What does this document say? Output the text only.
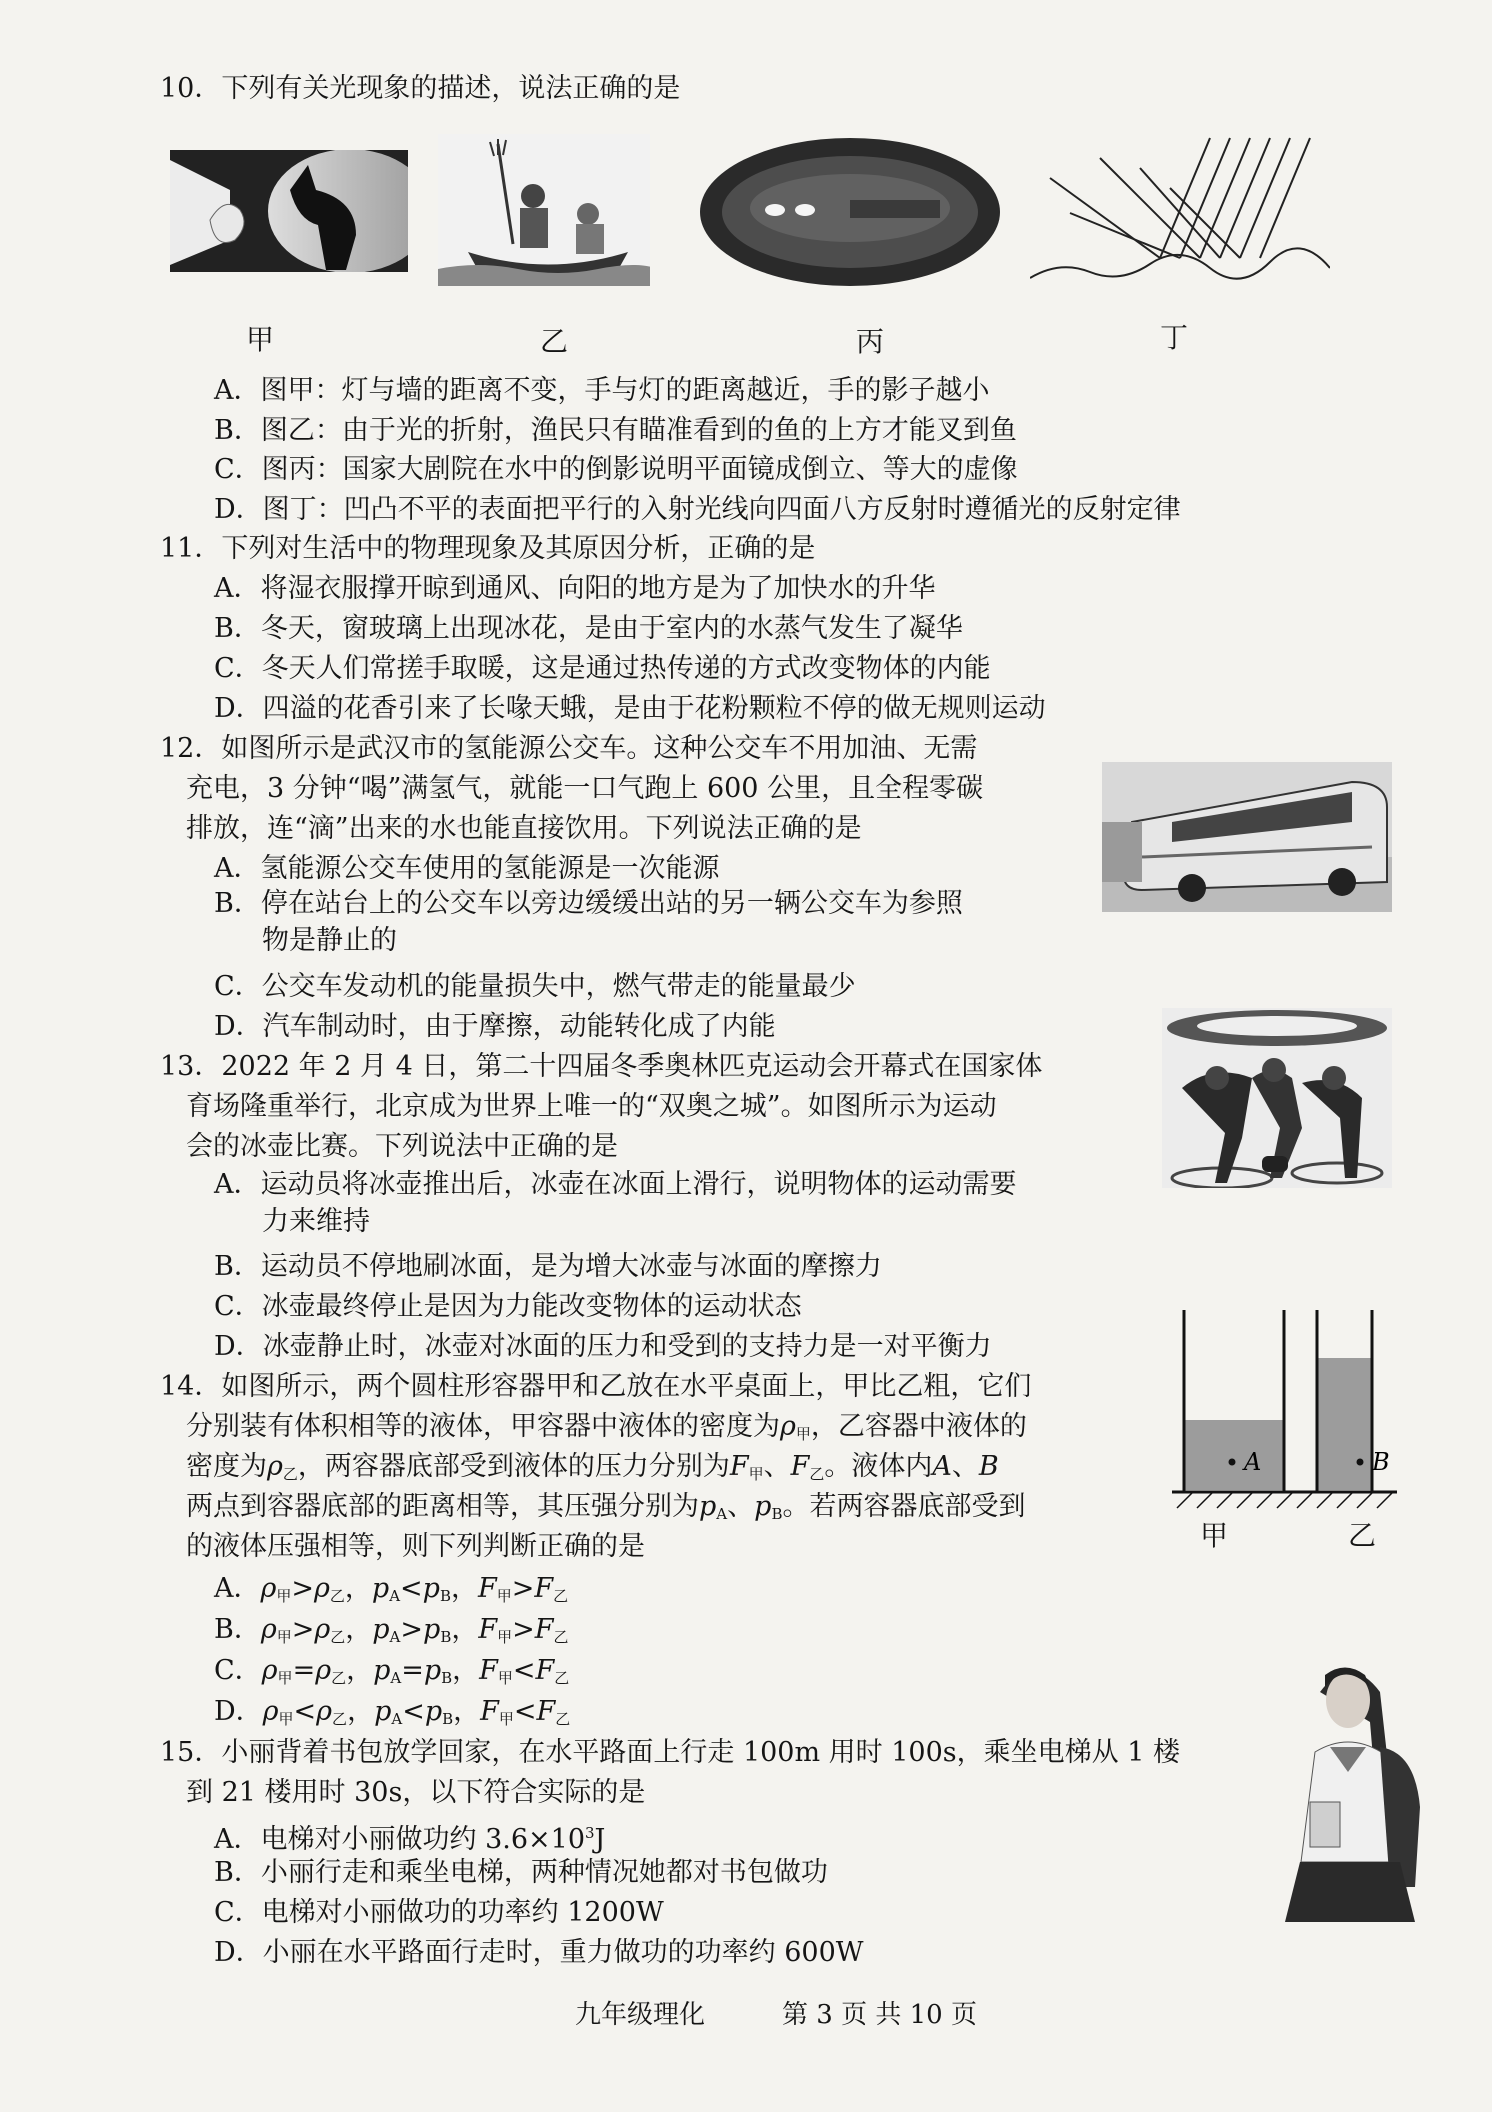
10．下列有关光现象的描述，说法正确的是
甲	乙	丙	丁
A．图甲：灯与墙的距离不变，手与灯的距离越近，手的影子越小
B．图乙：由于光的折射，渔民只有瞄准看到的鱼的上方才能叉到鱼
C．图丙：国家大剧院在水中的倒影说明平面镜成倒立、等大的虚像
D．图丁：凹凸不平的表面把平行的入射光线向四面八方反射时遵循光的反射定律
11．下列对生活中的物理现象及其原因分析，正确的是
A．将湿衣服撑开晾到通风、向阳的地方是为了加快水的升华
B．冬天，窗玻璃上出现冰花，是由于室内的水蒸气发生了凝华
C．冬天人们常搓手取暖，这是通过热传递的方式改变物体的内能
D．四溢的花香引来了长喙天蛾，是由于花粉颗粒不停的做无规则运动
12．如图所示是武汉市的氢能源公交车。这种公交车不用加油、无需
充电，3 分钟“喝”满氢气，就能一口气跑上 600 公里，且全程零碳
排放，连“滴”出来的水也能直接饮用。下列说法正确的是
A．氢能源公交车使用的氢能源是一次能源
B．停在站台上的公交车以旁边缓缓出站的另一辆公交车为参照
物是静止的
C．公交车发动机的能量损失中，燃气带走的能量最少
D．汽车制动时，由于摩擦，动能转化成了内能
13．2022 年 2 月 4 日，第二十四届冬季奥林匹克运动会开幕式在国家体
育场隆重举行，北京成为世界上唯一的“双奥之城”。如图所示为运动
会的冰壶比赛。下列说法中正确的是
A．运动员将冰壶推出后，冰壶在冰面上滑行，说明物体的运动需要
力来维持
B．运动员不停地刷冰面，是为增大冰壶与冰面的摩擦力
C．冰壶最终停止是因为力能改变物体的运动状态
D．冰壶静止时，冰壶对冰面的压力和受到的支持力是一对平衡力
14．如图所示，两个圆柱形容器甲和乙放在水平桌面上，甲比乙粗，它们
分别装有体积相等的液体，甲容器中液体的密度为$\rho_甲$，乙容器中液体的
密度为$\rho_乙$，两容器底部受到液体的压力分别为$F_甲$、$F_乙$。液体内A、B
两点到容器底部的距离相等，其压强分别为$p_A$、$p_B$。若两容器底部受到
的液体压强相等，则下列判断正确的是
A．$\rho_甲>\rho_乙$，$p_A<p_B$，$F_甲>F_乙$
B．$\rho_甲>\rho_乙$，$p_A>p_B$，$F_甲>F_乙$
C．$\rho_甲=\rho_乙$，$p_A=p_B$，$F_甲<F_乙$
D．$\rho_甲<\rho_乙$，$p_A<p_B$，$F_甲<F_乙$
A	B
甲	乙
15．小丽背着书包放学回家，在水平路面上行走 100m 用时 100s，乘坐电梯从 1 楼
到 21 楼用时 30s，以下符合实际的是
A．电梯对小丽做功约 $3.6\times 10^3J$
B．小丽行走和乘坐电梯，两种情况她都对书包做功
C．电梯对小丽做功的功率约 1200W
D．小丽在水平路面行走时，重力做功的功率约 600W
九年级理化	第 3 页 共 10 页
